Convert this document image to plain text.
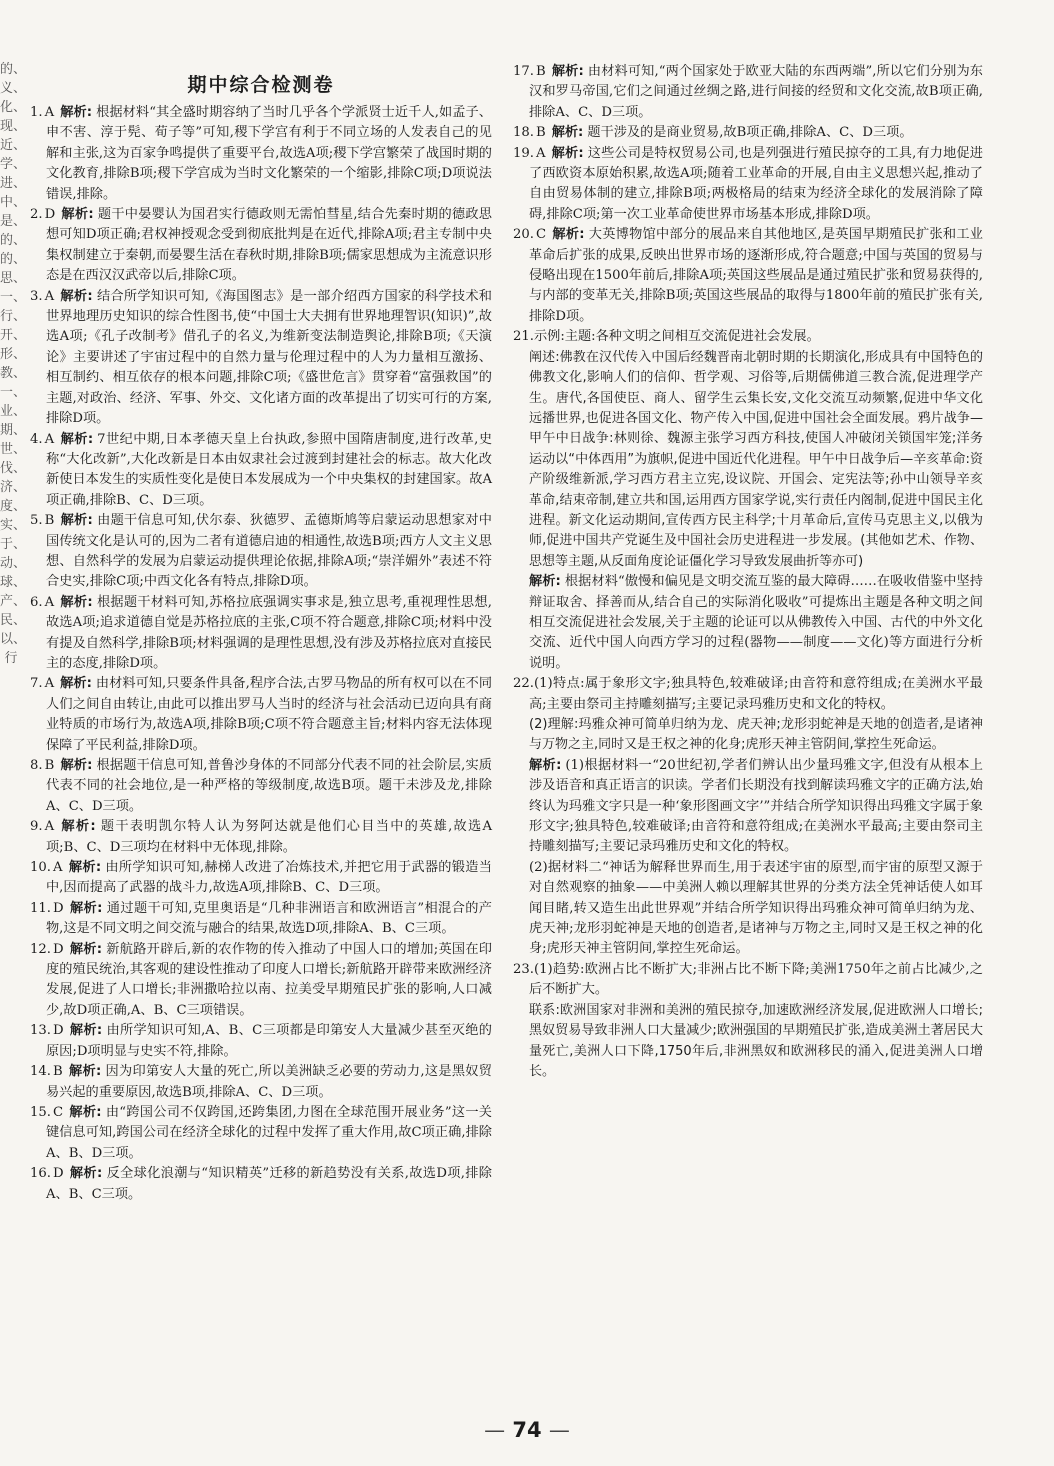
的、义、化、现、近、学、进、中、是、的、的、思、一、行、开、形、教、一、业、期、世、伐、济、度、实、于、动、球、产、民、以、行
期中综合检测卷

1. A 解析: 根据材料“其全盛时期容纳了当时几乎各个学派贤士近千人,如孟子、申不害、淳于髡、荀子等”可知,稷下学宫有利于不同立场的人发表自己的见解和主张,这为百家争鸣提供了重要平台,故选A项;稷下学宫繁荣了战国时期的文化教育,排除B项;稷下学宫成为当时文化繁荣的一个缩影,排除C项;D项说法错误,排除。

2. D 解析: 题干中晏婴认为国君实行德政则无需怕彗星,结合先秦时期的德政思想可知D项正确;君权神授观念受到彻底批判是在近代,排除A项;君主专制中央集权制建立于秦朝,而晏婴生活在春秋时期,排除B项;儒家思想成为主流意识形态是在西汉汉武帝以后,排除C项。

3. A 解析: 结合所学知识可知,《海国图志》是一部介绍西方国家的科学技术和世界地理历史知识的综合性图书,使“中国士大夫拥有世界地理智识(知识)”,故选A项;《孔子改制考》借孔子的名义,为维新变法制造舆论,排除B项;《天演论》主要讲述了宇宙过程中的自然力量与伦理过程中的人为力量相互激扬、相互制约、相互依存的根本问题,排除C项;《盛世危言》贯穿着“富强救国”的主题,对政治、经济、军事、外交、文化诸方面的改革提出了切实可行的方案,排除D项。

4. A 解析: 7世纪中期,日本孝德天皇上台执政,参照中国隋唐制度,进行改革,史称“大化改新”,大化改新是日本由奴隶社会过渡到封建社会的标志。故大化改新使日本发生的实质性变化是使日本发展成为一个中央集权的封建国家。故A项正确,排除B、C、D三项。

5. B 解析: 由题干信息可知,伏尔泰、狄德罗、孟德斯鸠等启蒙运动思想家对中国传统文化是认可的,因为二者有道德启迪的相通性,故选B项;西方人文主义思想、自然科学的发展为启蒙运动提供理论依据,排除A项;“崇洋媚外”表述不符合史实,排除C项;中西文化各有特点,排除D项。

6. A 解析: 根据题干材料可知,苏格拉底强调实事求是,独立思考,重视理性思想,故选A项;追求道德自觉是苏格拉底的主张,C项不符合题意,排除C项;材料中没有提及自然科学,排除B项;材料强调的是理性思想,没有涉及苏格拉底对直接民主的态度,排除D项。

7. A 解析: 由材料可知,只要条件具备,程序合法,古罗马物品的所有权可以在不同人们之间自由转让,由此可以推出罗马人当时的经济与社会活动已迈向具有商业特质的市场行为,故选A项,排除B项;C项不符合题意主旨;材料内容无法体现保障了平民利益,排除D项。

8. B 解析: 根据题干信息可知,普鲁沙身体的不同部分代表不同的社会阶层,实质代表不同的社会地位,是一种严格的等级制度,故选B项。题干未涉及龙,排除A、C、D三项。

9. A 解析: 题干表明凯尔特人认为努阿达就是他们心目当中的英雄,故选A项;B、C、D三项均在材料中无体现,排除。

10. A 解析: 由所学知识可知,赫梯人改进了冶炼技术,并把它用于武器的锻造当中,因而提高了武器的战斗力,故选A项,排除B、C、D三项。

11. D 解析: 通过题干可知,克里奥语是“几种非洲语言和欧洲语言”相混合的产物,这是不同文明之间交流与融合的结果,故选D项,排除A、B、C三项。

12. D 解析: 新航路开辟后,新的农作物的传入推动了中国人口的增加;英国在印度的殖民统治,其客观的建设性推动了印度人口增长;新航路开辟带来欧洲经济发展,促进了人口增长;非洲撒哈拉以南、拉美受早期殖民扩张的影响,人口减少,故D项正确,A、B、C三项错误。

13. D 解析: 由所学知识可知,A、B、C三项都是印第安人大量减少甚至灭绝的原因;D项明显与史实不符,排除。

14. B 解析: 因为印第安人大量的死亡,所以美洲缺乏必要的劳动力,这是黑奴贸易兴起的重要原因,故选B项,排除A、C、D三项。

15. C 解析: 由“跨国公司不仅跨国,还跨集团,力图在全球范围开展业务”这一关键信息可知,跨国公司在经济全球化的过程中发挥了重大作用,故C项正确,排除A、B、D三项。

16. D 解析: 反全球化浪潮与“知识精英”迁移的新趋势没有关系,故选D项,排除A、B、C三项。

17. B 解析: 由材料可知,“两个国家处于欧亚大陆的东西两端”,所以它们分别为东汉和罗马帝国,它们之间通过丝绸之路,进行间接的经贸和文化交流,故B项正确,排除A、C、D三项。

18. B 解析: 题干涉及的是商业贸易,故B项正确,排除A、C、D三项。

19. A 解析: 这些公司是特权贸易公司,也是列强进行殖民掠夺的工具,有力地促进了西欧资本原始积累,故选A项;随着工业革命的开展,自由主义思想兴起,推动了自由贸易体制的建立,排除B项;两极格局的结束为经济全球化的发展消除了障碍,排除C项;第一次工业革命使世界市场基本形成,排除D项。

20. C 解析: 大英博物馆中部分的展品来自其他地区,是英国早期殖民扩张和工业革命后扩张的成果,反映出世界市场的逐渐形成,符合题意;中国与英国的贸易与侵略出现在1500年前后,排除A项;英国这些展品是通过殖民扩张和贸易获得的,与内部的变革无关,排除B项;英国这些展品的取得与1800年前的殖民扩张有关,排除D项。

21.示例:主题:各种文明之间相互交流促进社会发展。

阐述:佛教在汉代传入中国后经魏晋南北朝时期的长期演化,形成具有中国特色的佛教文化,影响人们的信仰、哲学观、习俗等,后期儒佛道三教合流,促进理学产生。唐代,各国使臣、商人、留学生云集长安,文化交流互动频繁,促进中华文化远播世界,也促进各国文化、物产传入中国,促进中国社会全面发展。鸦片战争—甲午中日战争:林则徐、魏源主张学习西方科技,使国人冲破闭关锁国牢笼;洋务运动以“中体西用”为旗帜,促进中国近代化进程。甲午中日战争后—辛亥革命:资产阶级维新派,学习西方君主立宪,设议院、开国会、定宪法等;孙中山领导辛亥革命,结束帝制,建立共和国,运用西方国家学说,实行责任内阁制,促进中国民主化进程。新文化运动期间,宣传西方民主科学;十月革命后,宣传马克思主义,以俄为师,促进中国共产党诞生及中国社会历史进程进一步发展。(其他如艺术、作物、思想等主题,从反面角度论证僵化学习导致发展曲折等亦可)

解析: 根据材料“傲慢和偏见是文明交流互鉴的最大障碍……在吸收借鉴中坚持辩证取舍、择善而从,结合自己的实际消化吸收”可提炼出主题是各种文明之间相互交流促进社会发展,关于主题的论证可以从佛教传入中国、古代的中外文化交流、近代中国人向西方学习的过程(器物——制度——文化)等方面进行分析说明。

22.(1)特点:属于象形文字;独具特色,较难破译;由音符和意符组成;在美洲水平最高;主要由祭司主持雕刻描写;主要记录玛雅历史和文化的特权。

(2)理解:玛雅众神可简单归纳为龙、虎天神;龙形羽蛇神是天地的创造者,是诸神与万物之主,同时又是王权之神的化身;虎形天神主管阴间,掌控生死命运。

解析: (1)根据材料一“20世纪初,学者们辨认出少量玛雅文字,但没有从根本上涉及语音和真正语言的识读。学者们长期没有找到解读玛雅文字的正确方法,始终认为玛雅文字只是一种‘象形图画文字’”并结合所学知识得出玛雅文字属于象形文字;独具特色,较难破译;由音符和意符组成;在美洲水平最高;主要由祭司主持雕刻描写;主要记录玛雅历史和文化的特权。

(2)据材料二“神话为解释世界而生,用于表述宇宙的原型,而宇宙的原型又源于对自然观察的抽象——中美洲人赖以理解其世界的分类方法全凭神话使人如耳闻目睹,转又造生出此世界观”并结合所学知识得出玛雅众神可简单归纳为龙、虎天神;龙形羽蛇神是天地的创造者,是诸神与万物之主,同时又是王权之神的化身;虎形天神主管阴间,掌控生死命运。

23.(1)趋势:欧洲占比不断扩大;非洲占比不断下降;美洲1750年之前占比减少,之后不断扩大。

联系:欧洲国家对非洲和美洲的殖民掠夺,加速欧洲经济发展,促进欧洲人口增长;黑奴贸易导致非洲人口大量减少;欧洲强国的早期殖民扩张,造成美洲土著居民大量死亡,美洲人口下降,1750年后,非洲黑奴和欧洲移民的涌入,促进美洲人口增长。

— 74 —
